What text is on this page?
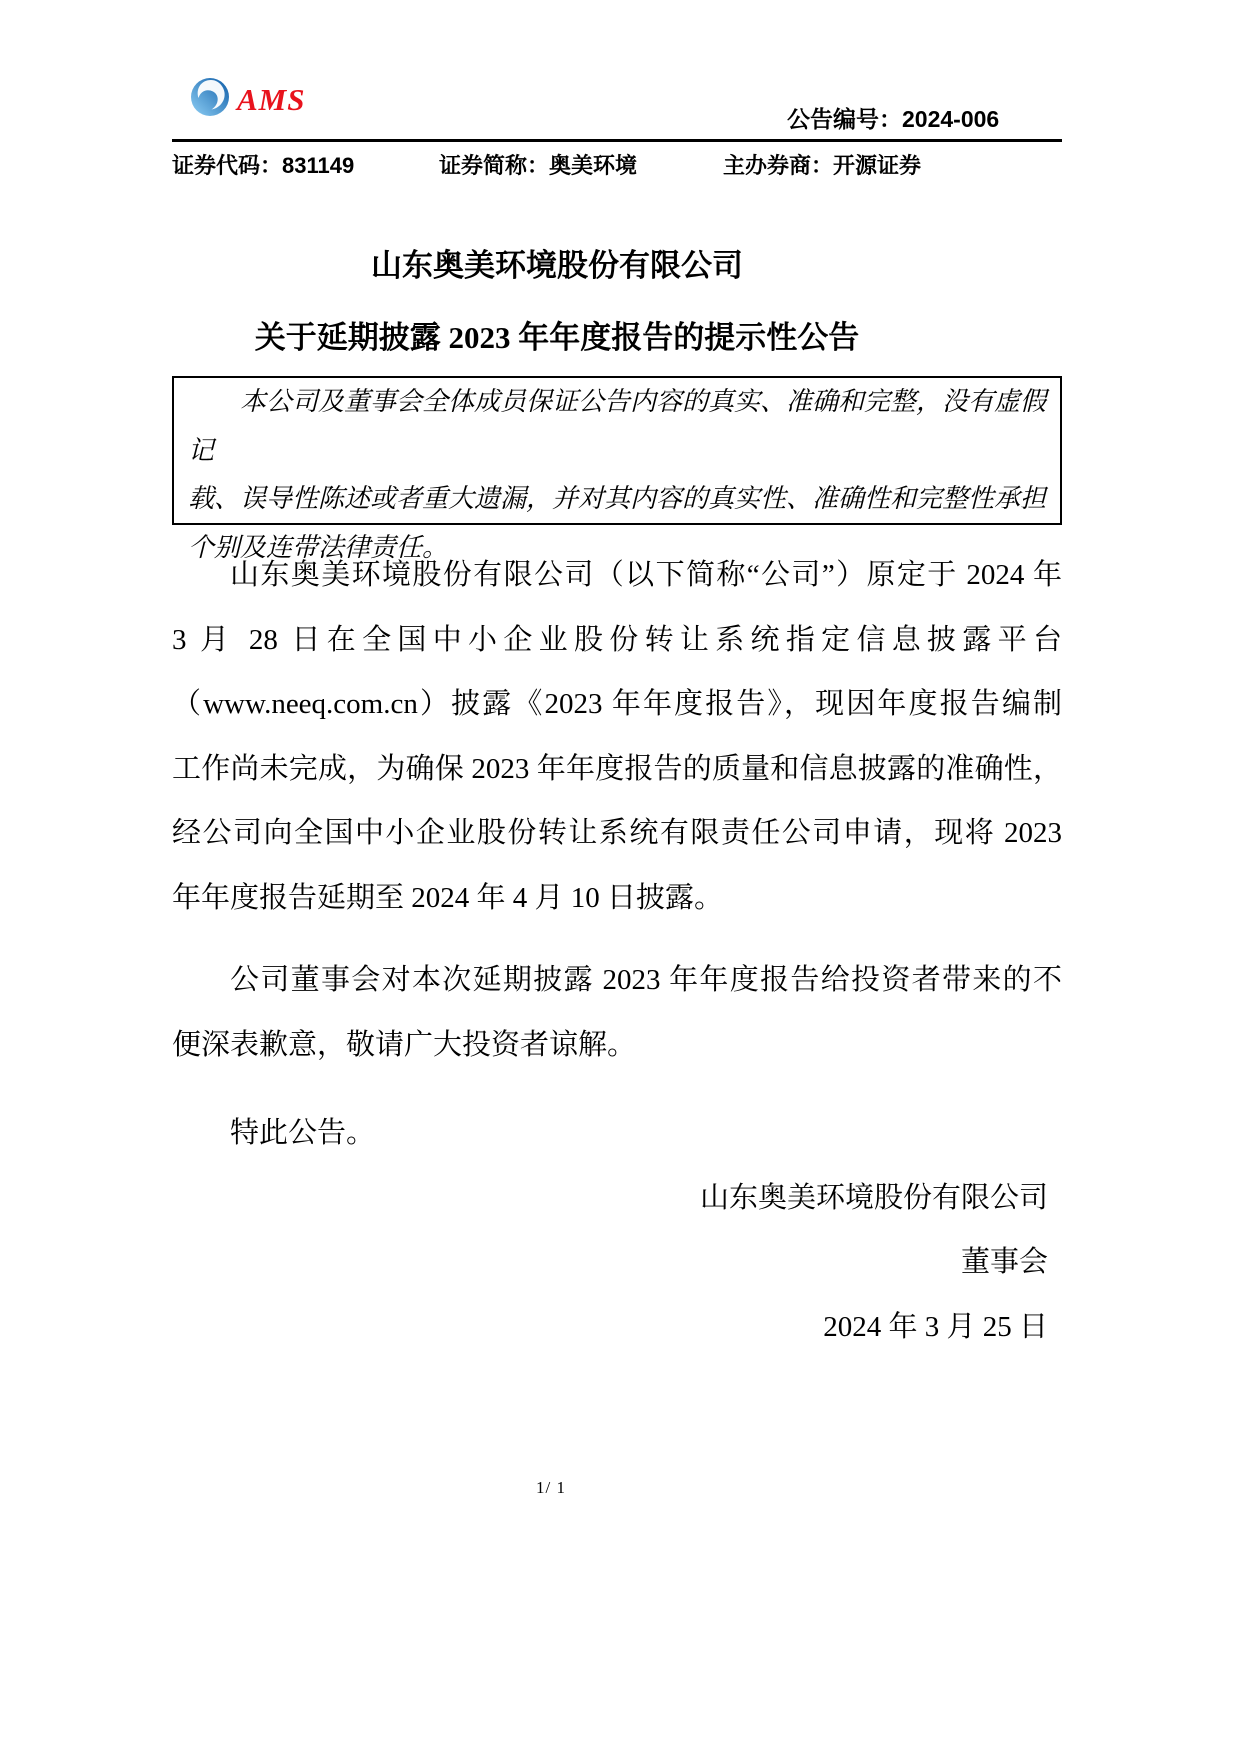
AMS
公告编号：2024-006
证券代码：831149	证券简称：奥美环境	主办券商：开源证券
山东奥美环境股份有限公司
关于延期披露 2023 年年度报告的提示性公告
本公司及董事会全体成员保证公告内容的真实、准确和完整，没有虚假记
载、误导性陈述或者重大遗漏，并对其内容的真实性、准确性和完整性承担
个别及连带法律责任。
山东奥美环境股份有限公司（以下简称“公司”）原定于 2024 年
3 月 28 日在全国中小企业股份转让系统指定信息披露平台
（www.neeq.com.cn）披露《2023 年年度报告》，现因年度报告编制
工作尚未完成，为确保 2023 年年度报告的质量和信息披露的准确性，
经公司向全国中小企业股份转让系统有限责任公司申请，现将 2023
年年度报告延期至 2024 年 4 月 10 日披露。
公司董事会对本次延期披露 2023 年年度报告给投资者带来的不
便深表歉意，敬请广大投资者谅解。
特此公告。
山东奥美环境股份有限公司
董事会
2024 年 3 月 25 日
1/ 1
